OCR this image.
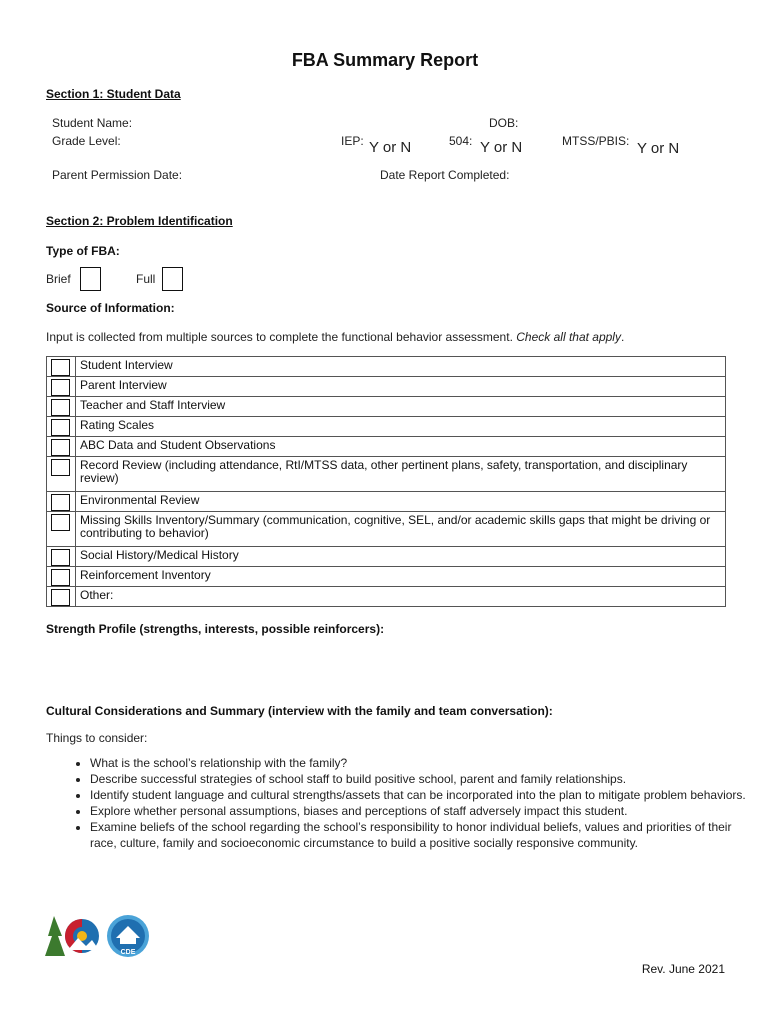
FBA Summary Report
Section 1: Student Data
Student Name:	DOB:
Grade Level:	IEP: Y or N	504: Y or N	MTSS/PBIS: Y or N
Parent Permission Date:	Date Report Completed:
Section 2: Problem Identification
Type of FBA:
Brief	Full
Source of Information:
Input is collected from multiple sources to complete the functional behavior assessment. Check all that apply.
	Student Interview

	Parent Interview

	Teacher and Staff Interview

	Rating Scales

	ABC Data and Student Observations

	Record Review (including attendance, RtI/MTSS data, other pertinent plans, safety, transportation, and disciplinary review)

	Environmental Review

	Missing Skills Inventory/Summary (communication, cognitive, SEL, and/or academic skills gaps that might be driving or contributing to behavior)

	Social History/Medical History

	Reinforcement Inventory

	Other:
Strength Profile (strengths, interests, possible reinforcers):
Cultural Considerations and Summary (interview with the family and team conversation):
Things to consider:
• What is the school’s relationship with the family?
• Describe successful strategies of school staff to build positive school, parent and family relationships.
• Identify student language and cultural strengths/assets that can be incorporated into the plan to mitigate problem behaviors.
• Explore whether personal assumptions, biases and perceptions of staff adversely impact this student.
• Examine beliefs of the school regarding the school’s responsibility to honor individual beliefs, values and priorities of their race, culture, family and socioeconomic circumstance to build a positive socially responsive community.
CDE
Rev. June 2021
